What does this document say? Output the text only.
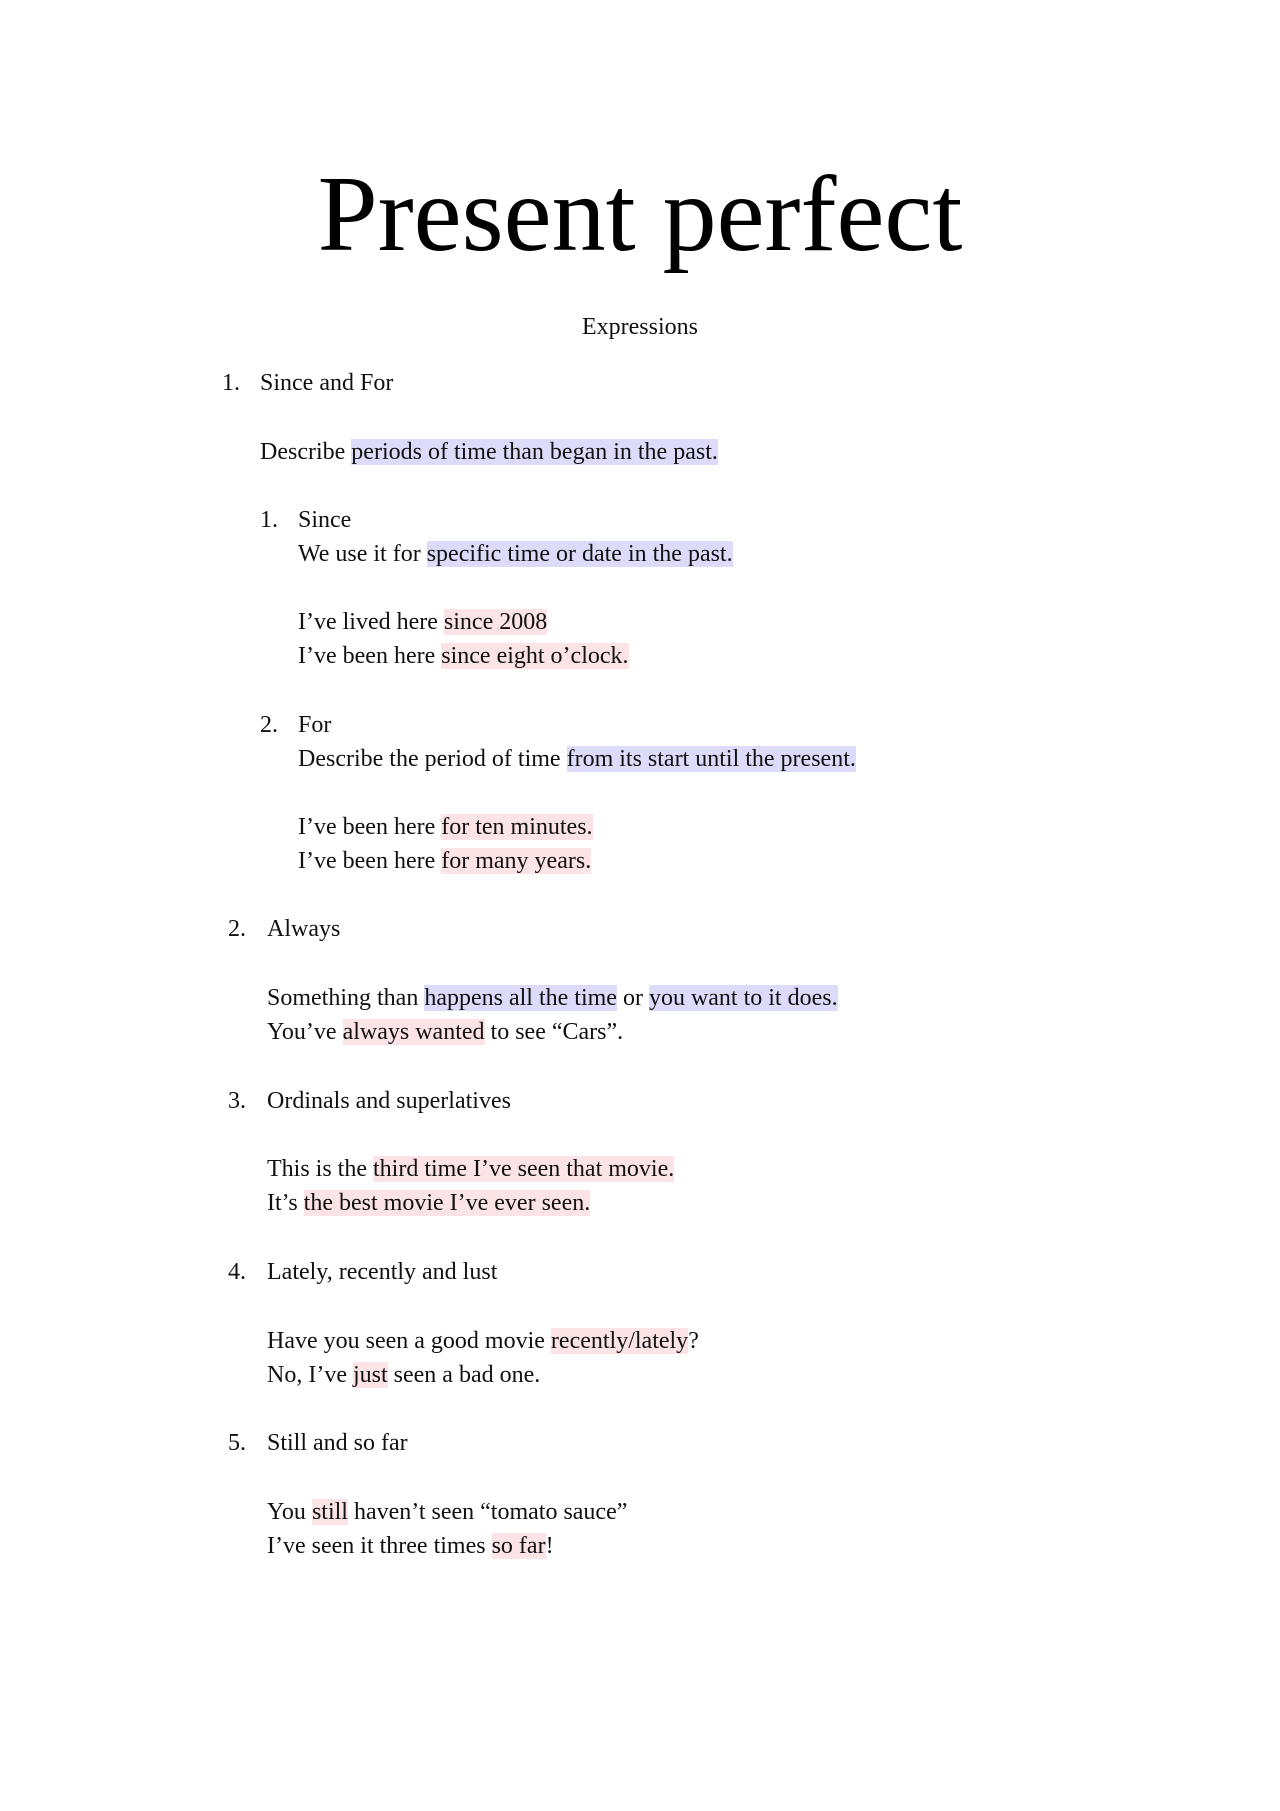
Present perfect
Expressions
1. Since and For
Describe periods of time than began in the past.
1. Since
We use it for specific time or date in the past.
I’ve lived here since 2008
I’ve been here since eight o’clock.
2. For
Describe the period of time from its start until the present.
I’ve been here for ten minutes.
I’ve been here for many years.
2. Always
Something than happens all the time or you want to it does.
You’ve always wanted to see “Cars”.
3. Ordinals and superlatives
This is the third time I’ve seen that movie.
It’s the best movie I’ve ever seen.
4. Lately, recently and lust
Have you seen a good movie recently/lately?
No, I’ve just seen a bad one.
5. Still and so far
You still haven’t seen “tomato sauce”
I’ve seen it three times so far!
